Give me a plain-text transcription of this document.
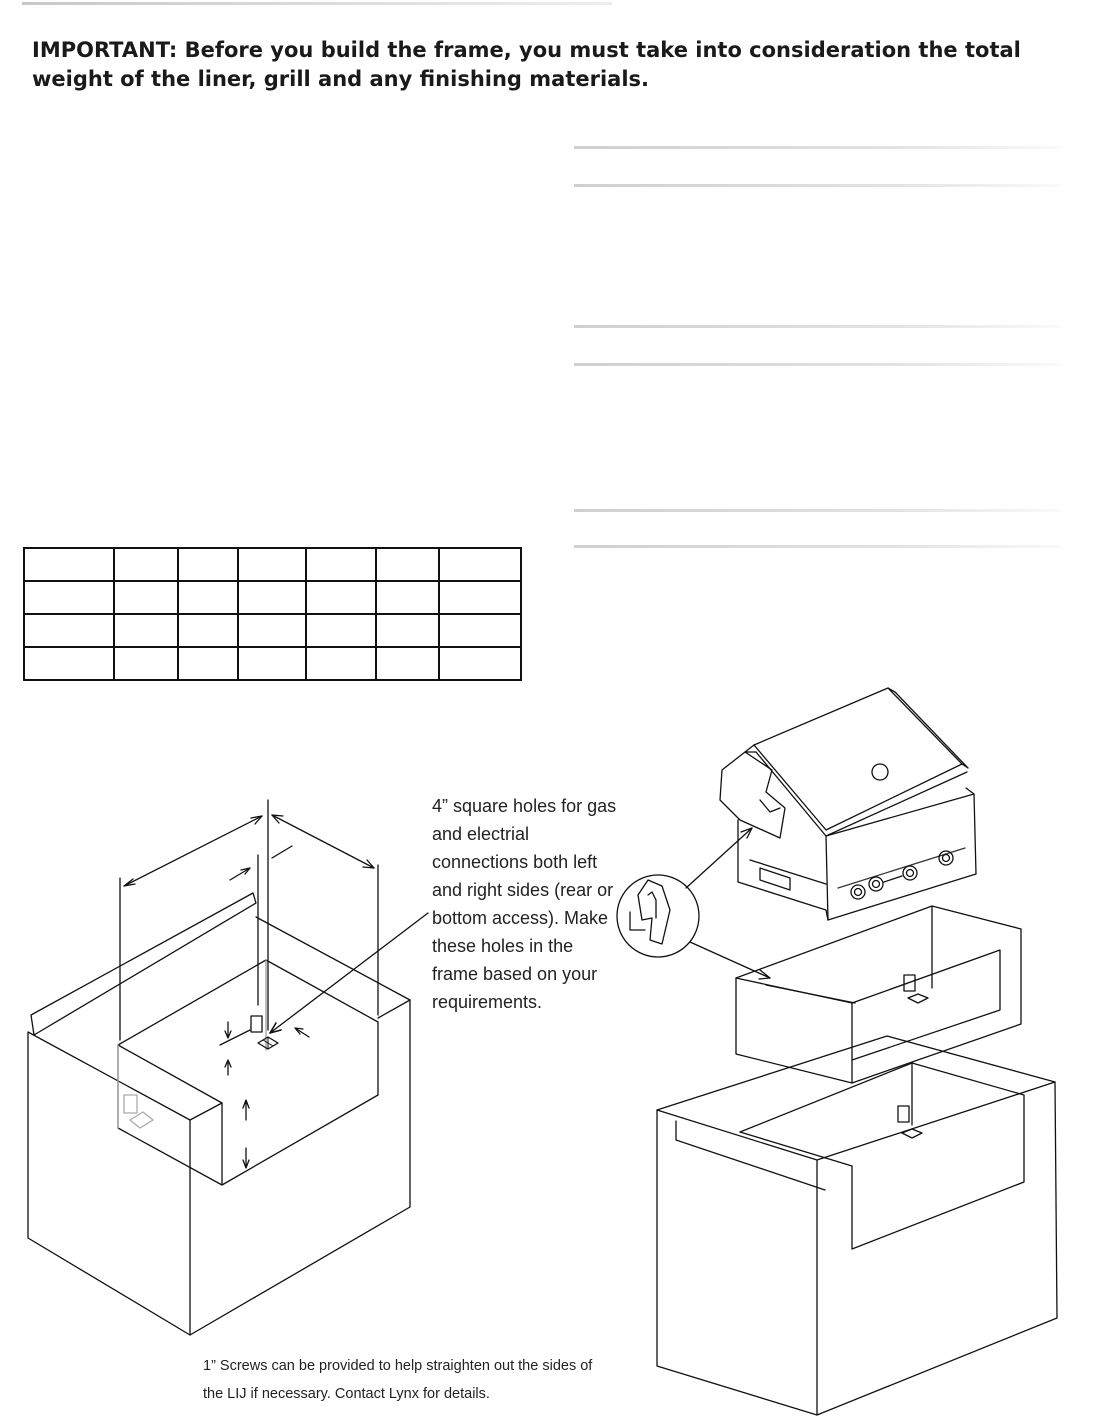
IMPORTANT: Before you build the frame, you must take into consideration the total weight of the liner, grill and any finishing materials.

4” square holes for gas and electrial connections both left and right sides (rear or bottom access). Make these holes in the frame based on your requirements.

1” Screws can be provided to help straighten out the sides of the LIJ if necessary. Contact Lynx for details.
